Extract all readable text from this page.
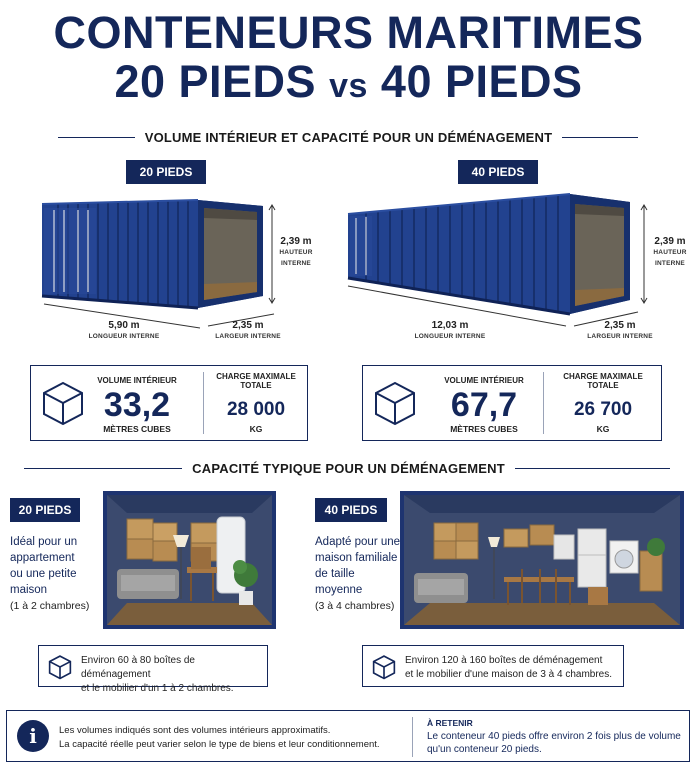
CONTENEURS MARITIMES
20 PIEDS vs 40 PIEDS
VOLUME INTÉRIEUR ET CAPACITÉ POUR UN DÉMÉNAGEMENT
20 PIEDS	40 PIEDS
2,39 m
HAUTEUR INTERNE
5,90 m
LONGUEUR INTERNE
2,35 m
LARGEUR INTERNE
2,39 m
HAUTEUR INTERNE
12,03 m
LONGUEUR INTERNE
2,35 m
LARGEUR INTERNE
VOLUME INTÉRIEUR
33,2
MÈTRES CUBES
CHARGE MAXIMALE
TOTALE
28 000
KG
VOLUME INTÉRIEUR
67,7
MÈTRES CUBES
CHARGE MAXIMALE
TOTALE
26 700
KG
CAPACITÉ TYPIQUE POUR UN DÉMÉNAGEMENT
20 PIEDS
Idéal pour un
appartement
ou une petite
maison
(1 à 2 chambres)
Environ 60 à 80 boîtes de déménagement
et le mobilier d'un 1 à 2 chambres.
40 PIEDS
Adapté pour une
maison familiale
de taille moyenne
(3 à 4 chambres)
Environ 120 à 160 boîtes de déménagement
et le mobilier d'une maison de 3 à 4 chambres.
i	Les volumes indiqués sont des volumes intérieurs approximatifs.
La capacité réelle peut varier selon le type de biens et leur conditionnement.
À RETENIR
Le conteneur 40 pieds offre environ 2 fois plus de volume
qu'un conteneur 20 pieds.
